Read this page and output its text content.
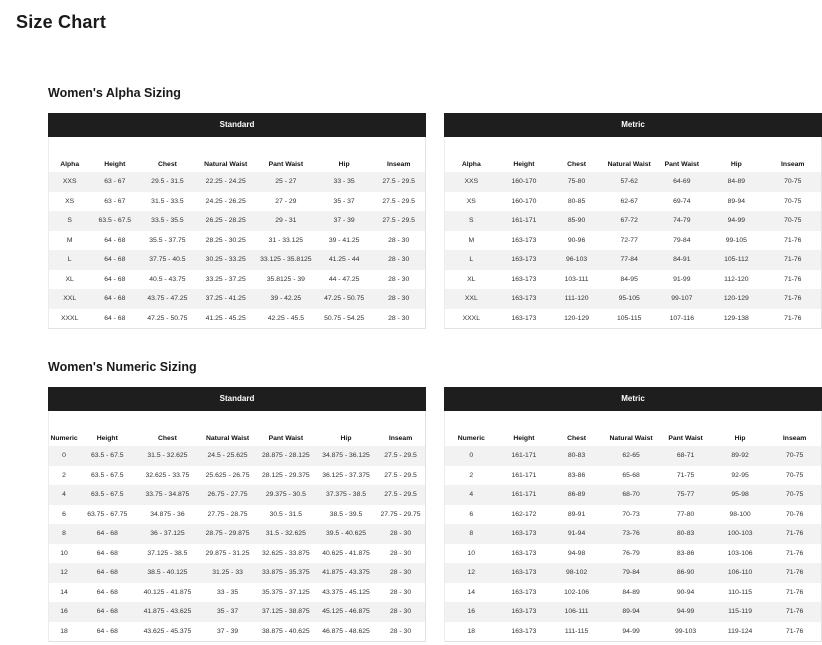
Size Chart
Women's Alpha Sizing
Standard
Alpha	Height	Chest	Natural Waist	Pant Waist	Hip	Inseam
XXS	63 - 67	29.5 - 31.5	22.25 - 24.25	25 - 27	33 - 35	27.5 - 29.5
XS	63 - 67	31.5 - 33.5	24.25 - 26.25	27 - 29	35 - 37	27.5 - 29.5
S	63.5 - 67.5	33.5 - 35.5	26.25 - 28.25	29 - 31	37 - 39	27.5 - 29.5
M	64 - 68	35.5 - 37.75	28.25 - 30.25	31 - 33.125	39 - 41.25	28 - 30
L	64 - 68	37.75 - 40.5	30.25 - 33.25	33.125 - 35.8125	41.25 - 44	28 - 30
XL	64 - 68	40.5 - 43.75	33.25 - 37.25	35.8125 - 39	44 - 47.25	28 - 30
XXL	64 - 68	43.75 - 47.25	37.25 - 41.25	39 - 42.25	47.25 - 50.75	28 - 30
XXXL	64 - 68	47.25 - 50.75	41.25 - 45.25	42.25 - 45.5	50.75 - 54.25	28 - 30
Metric
Alpha	Height	Chest	Natural Waist	Pant Waist	Hip	Inseam
XXS	160-170	75-80	57-62	64-69	84-89	70-75
XS	160-170	80-85	62-67	69-74	89-94	70-75
S	161-171	85-90	67-72	74-79	94-99	70-75
M	163-173	90-96	72-77	79-84	99-105	71-76
L	163-173	96-103	77-84	84-91	105-112	71-76
XL	163-173	103-111	84-95	91-99	112-120	71-76
XXL	163-173	111-120	95-105	99-107	120-129	71-76
XXXL	163-173	120-129	105-115	107-116	129-138	71-76
Women's Numeric Sizing
Standard
Numeric	Height	Chest	Natural Waist	Pant Waist	Hip	Inseam
0	63.5 - 67.5	31.5 - 32.625	24.5 - 25.625	28.875 - 28.125	34.875 - 36.125	27.5 - 29.5
2	63.5 - 67.5	32.625 - 33.75	25.625 - 26.75	28.125 - 29.375	36.125 - 37.375	27.5 - 29.5
4	63.5 - 67.5	33.75 - 34.875	26.75 - 27.75	29.375 - 30.5	37.375 - 38.5	27.5 - 29.5
6	63.75 - 67.75	34.875 - 36	27.75 - 28.75	30.5 - 31.5	38.5 - 39.5	27.75 - 29.75
8	64 - 68	36 - 37.125	28.75 - 29.875	31.5 - 32.625	39.5 - 40.625	28 - 30
10	64 - 68	37.125 - 38.5	29.875 - 31.25	32.625 - 33.875	40.625 - 41.875	28 - 30
12	64 - 68	38.5 - 40.125	31.25 - 33	33.875 - 35.375	41.875 - 43.375	28 - 30
14	64 - 68	40.125 - 41.875	33 - 35	35.375 - 37.125	43.375 - 45.125	28 - 30
16	64 - 68	41.875 - 43.625	35 - 37	37.125 - 38.875	45.125 - 46.875	28 - 30
18	64 - 68	43.625 - 45.375	37 - 39	38.875 - 40.625	46.875 - 48.625	28 - 30
Metric
Numeric	Height	Chest	Natural Waist	Pant Waist	Hip	Inseam
0	161-171	80-83	62-65	68-71	89-92	70-75
2	161-171	83-86	65-68	71-75	92-95	70-75
4	161-171	86-89	68-70	75-77	95-98	70-75
6	162-172	89-91	70-73	77-80	98-100	70-76
8	163-173	91-94	73-76	80-83	100-103	71-76
10	163-173	94-98	76-79	83-86	103-106	71-76
12	163-173	98-102	79-84	86-90	106-110	71-76
14	163-173	102-106	84-89	90-94	110-115	71-76
16	163-173	106-111	89-94	94-99	115-119	71-76
18	163-173	111-115	94-99	99-103	119-124	71-76
